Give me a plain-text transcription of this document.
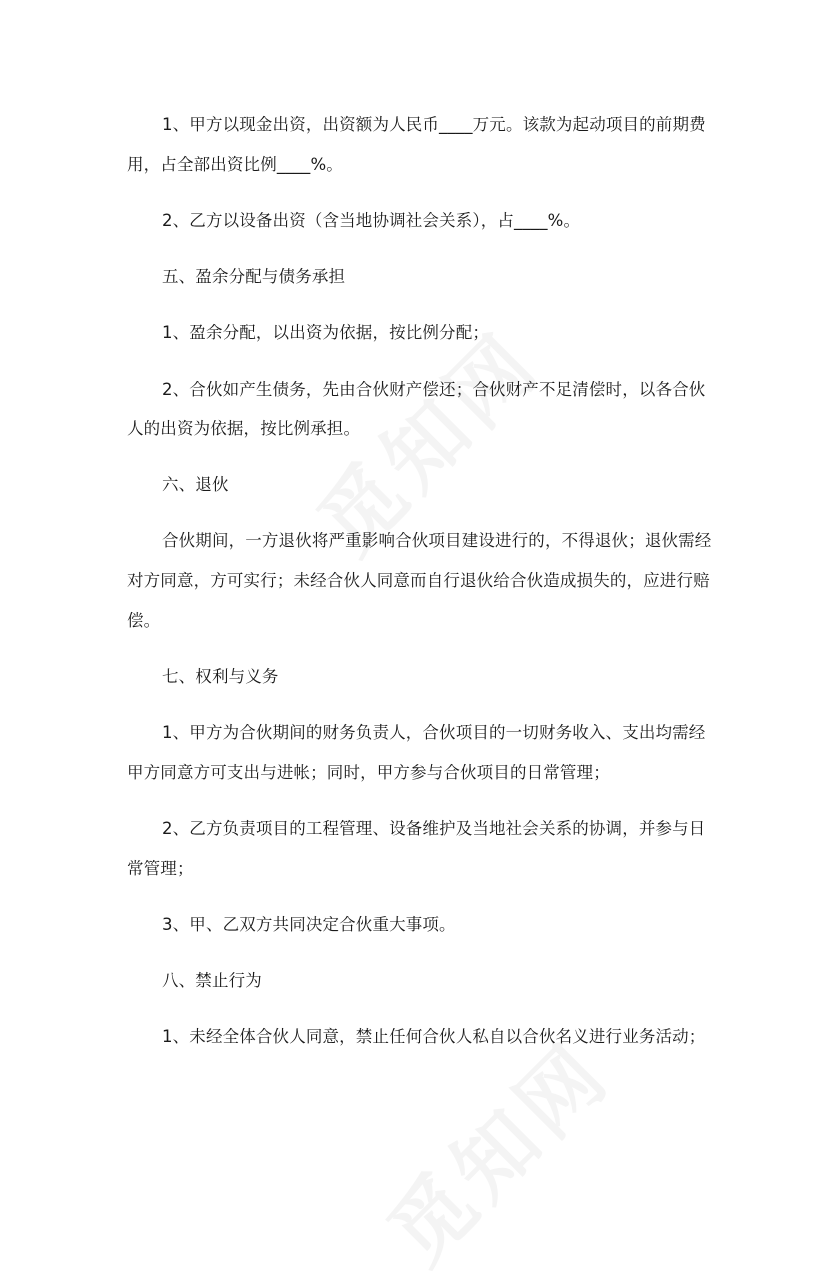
1、甲方以现金出资，出资额为人民币____万元。该款为起动项目的前期费
用，占全部出资比例____%。
2、乙方以设备出资（含当地协调社会关系），占____%。
五、盈余分配与债务承担
1、盈余分配，以出资为依据，按比例分配；
2、合伙如产生债务，先由合伙财产偿还；合伙财产不足清偿时，以各合伙
人的出资为依据，按比例承担。
六、退伙
合伙期间，一方退伙将严重影响合伙项目建设进行的，不得退伙；退伙需经
对方同意，方可实行；未经合伙人同意而自行退伙给合伙造成损失的，应进行赔
偿。
七、权利与义务
1、甲方为合伙期间的财务负责人，合伙项目的一切财务收入、支出均需经
甲方同意方可支出与进帐；同时，甲方参与合伙项目的日常管理；
2、乙方负责项目的工程管理、设备维护及当地社会关系的协调，并参与日
常管理；
3、甲、乙双方共同决定合伙重大事项。
八、禁止行为
1、未经全体合伙人同意，禁止任何合伙人私自以合伙名义进行业务活动；
